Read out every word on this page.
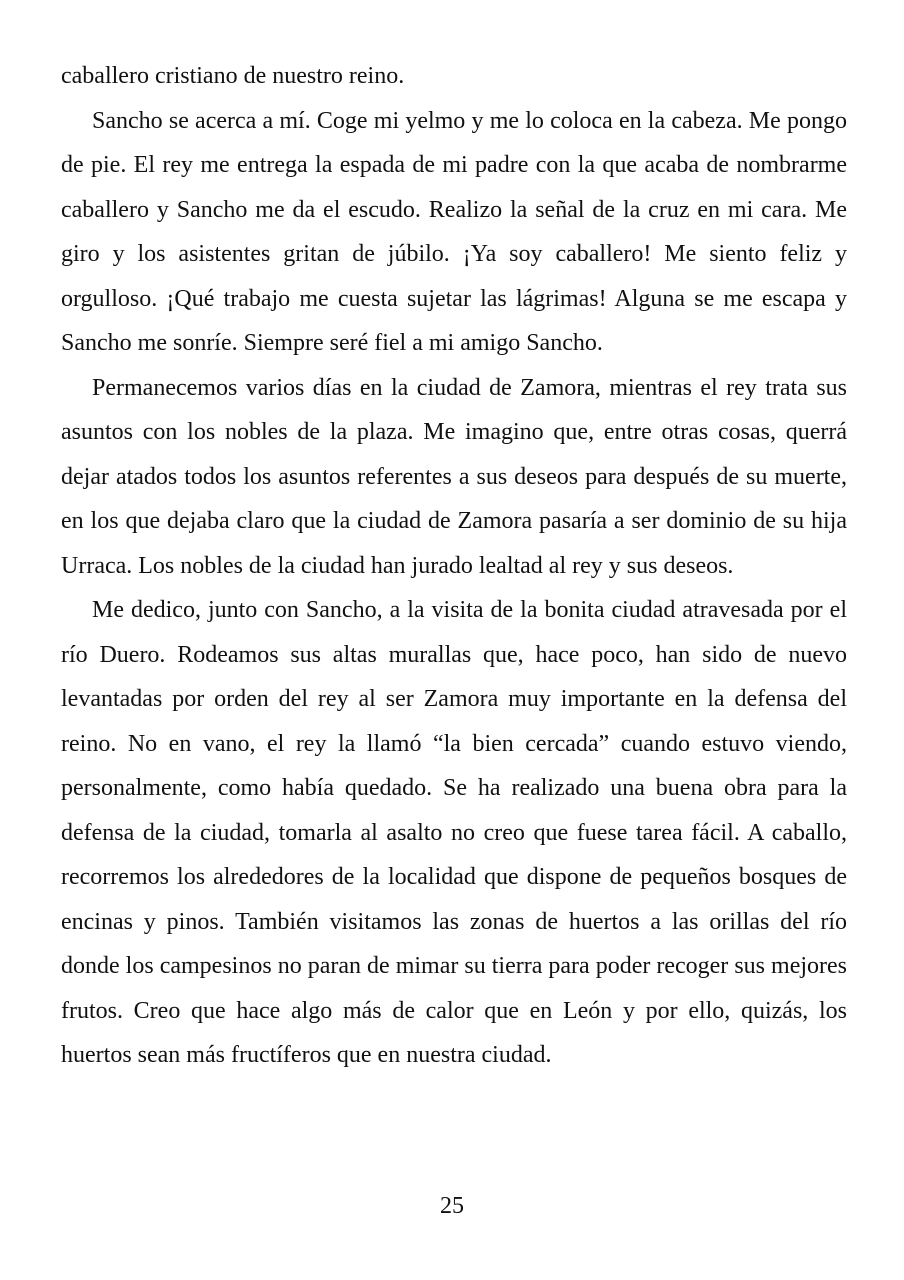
caballero cristiano de nuestro reino.

Sancho se acerca a mí. Coge mi yelmo y me lo coloca en la cabeza. Me pongo de pie. El rey me entrega la espada de mi padre con la que acaba de nombrarme caballero y Sancho me da el escudo. Realizo la señal de la cruz en mi cara. Me giro y los asistentes gritan de júbilo. ¡Ya soy caballero! Me siento feliz y orgulloso. ¡Qué trabajo me cuesta sujetar las lágrimas! Alguna se me escapa y Sancho me sonríe. Siempre seré fiel a mi amigo Sancho.

Permanecemos varios días en la ciudad de Zamora, mientras el rey trata sus asuntos con los nobles de la plaza. Me imagino que, entre otras cosas, querrá dejar atados todos los asuntos referentes a sus deseos para después de su muerte, en los que dejaba claro que la ciudad de Zamora pasaría a ser dominio de su hija Urraca. Los nobles de la ciudad han jurado lealtad al rey y sus deseos.

Me dedico, junto con Sancho, a la visita de la bonita ciudad atravesada por el río Duero. Rodeamos sus altas murallas que, hace poco, han sido de nuevo levantadas por orden del rey al ser Zamora muy importante en la defensa del reino. No en vano, el rey la llamó “la bien cercada” cuando estuvo viendo, personalmente, como había quedado. Se ha realizado una buena obra para la defensa de la ciudad, tomarla al asalto no creo que fuese tarea fácil. A caballo, recorremos los alrededores de la localidad que dispone de pequeños bosques de encinas y pinos. También visitamos las zonas de huertos a las orillas del río donde los campesinos no paran de mimar su tierra para poder recoger sus mejores frutos. Creo que hace algo más de calor que en León y por ello, quizás, los huertos sean más fructíferos que en nuestra ciudad.

25
